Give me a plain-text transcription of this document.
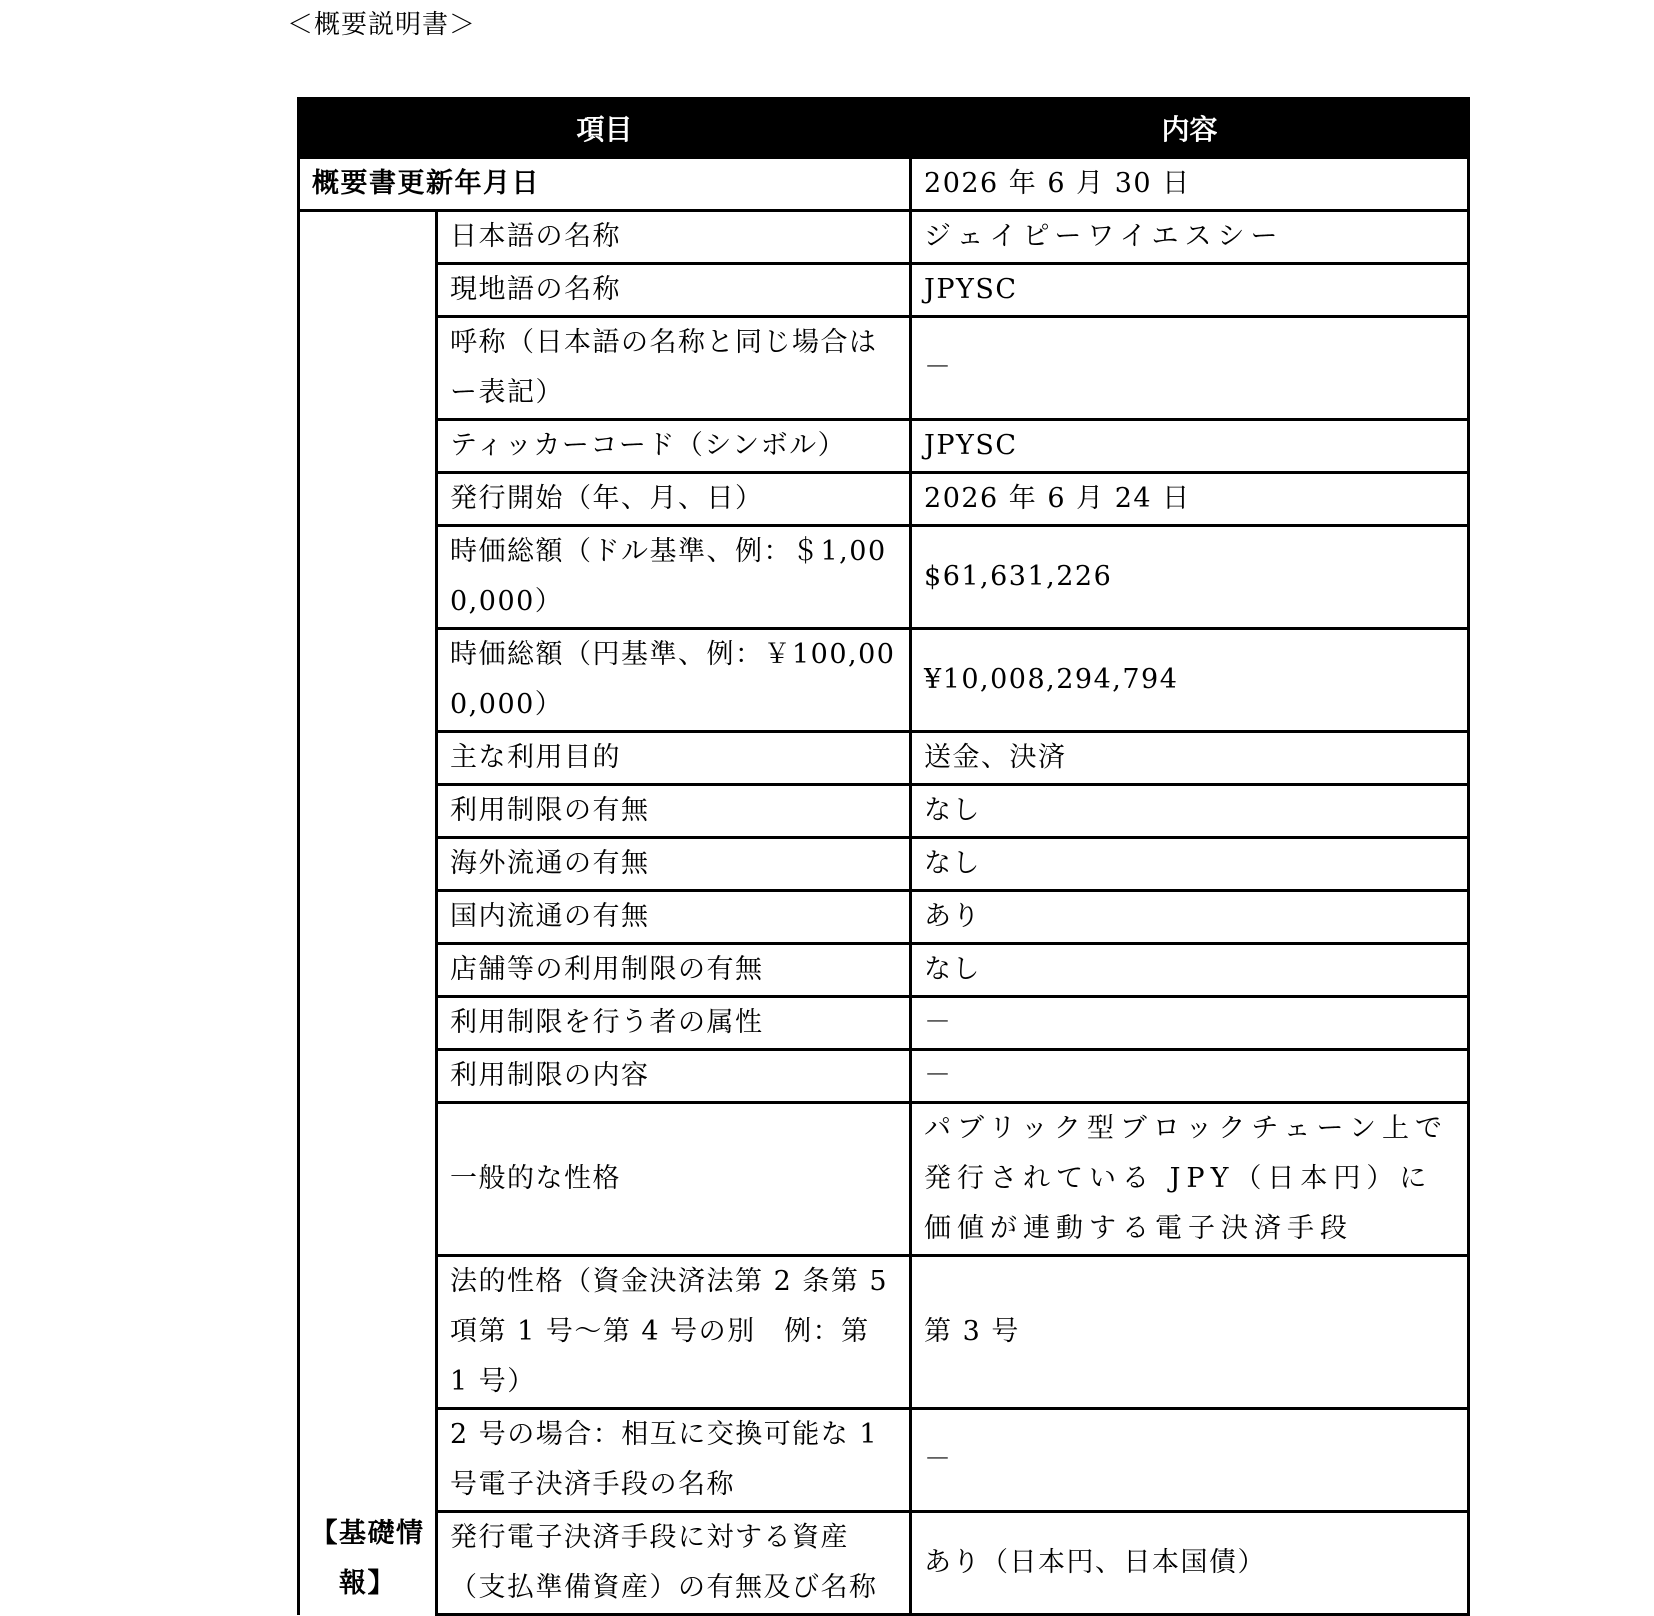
＜概要説明書＞
項目		内容
概要書更新年月日		2026 年 6 月 30 日
【基礎情報】	日本語の名称	ジェイピーワイエスシー
	現地語の名称	JPYSC
	呼称（日本語の名称と同じ場合はー表記）	－
	ティッカーコード（シンボル）	JPYSC
	発行開始（年、月、日）	2026 年 6 月 24 日
	時価総額（ドル基準、例：＄1,000,000）	$61,631,226
	時価総額（円基準、例：￥100,000,000）	¥10,008,294,794
	主な利用目的	送金、決済
	利用制限の有無	なし
	海外流通の有無	なし
	国内流通の有無	あり
	店舗等の利用制限の有無	なし
	利用制限を行う者の属性	－
	利用制限の内容	－
	一般的な性格	パブリック型ブロックチェーン上で発行されている JPY（日本円）に価値が連動する電子決済手段
	法的性格（資金決済法第 2 条第 5 項第 1 号～第 4 号の別　例：第 1 号）	第 3 号
	2 号の場合：相互に交換可能な 1 号電子決済手段の名称	－
	発行電子決済手段に対する資産（支払準備資産）の有無及び名称	あり（日本円、日本国債）
